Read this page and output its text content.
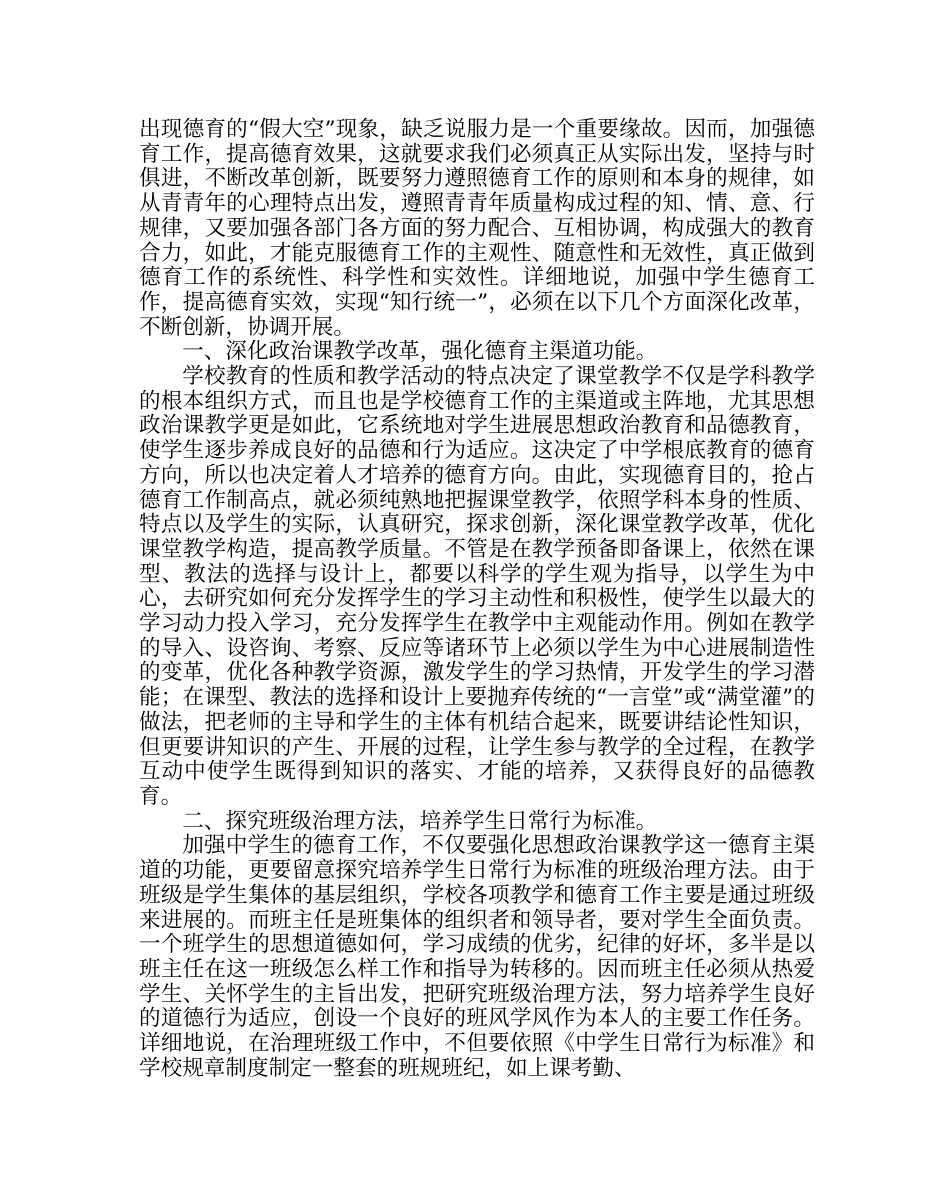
出现德育的“假大空”现象，缺乏说服力是一个重要缘故。因而，加强德育工作，提高德育效果，这就要求我们必须真正从实际出发，坚持与时俱进，不断改革创新，既要努力遵照德育工作的原则和本身的规律，如从青青年的心理特点出发，遵照青青年质量构成过程的知、情、意、行规律，又要加强各部门各方面的努力配合、互相协调，构成强大的教育合力，如此，才能克服德育工作的主观性、随意性和无效性，真正做到德育工作的系统性、科学性和实效性。详细地说，加强中学生德育工作，提高德育实效，实现“知行统一”，必须在以下几个方面深化改革，不断创新，协调开展。

一、深化政治课教学改革，强化德育主渠道功能。

学校教育的性质和教学活动的特点决定了课堂教学不仅是学科教学的根本组织方式，而且也是学校德育工作的主渠道或主阵地，尤其思想政治课教学更是如此，它系统地对学生进展思想政治教育和品德教育，使学生逐步养成良好的品德和行为适应。这决定了中学根底教育的德育方向，所以也决定着人才培养的德育方向。由此，实现德育目的，抢占德育工作制高点，就必须纯熟地把握课堂教学，依照学科本身的性质、特点以及学生的实际，认真研究，探求创新，深化课堂教学改革，优化课堂教学构造，提高教学质量。不管是在教学预备即备课上，依然在课型、教法的选择与设计上，都要以科学的学生观为指导，以学生为中心，去研究如何充分发挥学生的学习主动性和积极性，使学生以最大的学习动力投入学习，充分发挥学生在教学中主观能动作用。例如在教学的导入、设咨询、考察、反应等诸环节上必须以学生为中心进展制造性的变革，优化各种教学资源，激发学生的学习热情，开发学生的学习潜能；在课型、教法的选择和设计上要抛弃传统的“一言堂”或“满堂灌”的做法，把老师的主导和学生的主体有机结合起来，既要讲结论性知识，但更要讲知识的产生、开展的过程，让学生参与教学的全过程，在教学互动中使学生既得到知识的落实、才能的培养，又获得良好的品德教育。

二、探究班级治理方法，培养学生日常行为标准。

加强中学生的德育工作，不仅要强化思想政治课教学这一德育主渠道的功能，更要留意探究培养学生日常行为标准的班级治理方法。由于班级是学生集体的基层组织，学校各项教学和德育工作主要是通过班级来进展的。而班主任是班集体的组织者和领导者，要对学生全面负责。一个班学生的思想道德如何，学习成绩的优劣，纪律的好坏，多半是以班主任在这一班级怎么样工作和指导为转移的。因而班主任必须从热爱学生、关怀学生的主旨出发，把研究班级治理方法，努力培养学生良好的道德行为适应，创设一个良好的班风学风作为本人的主要工作任务。详细地说，在治理班级工作中，不但要依照《中学生日常行为标准》和学校规章制度制定一整套的班规班纪，如上课考勤、
